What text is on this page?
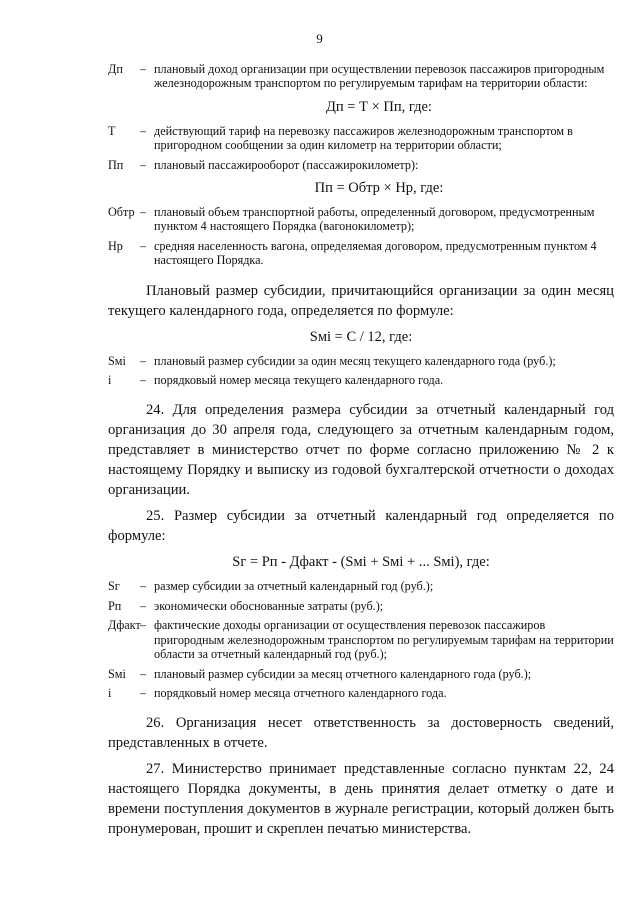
9
Дп	– плановый доход организации при осуществлении перевозок пассажиров пригородным железнодорожным транспортом по регулируемым тарифам на территории области:
Дп = Т × Пп, где:
Т	– действующий тариф на перевозку пассажиров железнодорожным транспортом в пригородном сообщении за один километр на территории области;
Пп	– плановый пассажирооборот (пассажирокилометр):
Пп = Обтр × Нр, где:
Обтр – плановый объем транспортной работы, определенный договором, предусмотренным пунктом 4 настоящего Порядка (вагонокилометр);
Нр	– средняя населенность вагона, определяемая договором, предусмотренным пунктом 4 настоящего Порядка.

Плановый размер субсидии, причитающийся организации за один месяц текущего календарного года, определяется по формуле:

Sмi = С / 12, где:
Sмi	– плановый размер субсидии за один месяц текущего календарного года (руб.);
i	– порядковый номер месяца текущего календарного года.

24. Для определения размера субсидии за отчетный календарный год организация до 30 апреля года, следующего за отчетным календарным годом, представляет в министерство отчет по форме согласно приложению № 2 к настоящему Порядку и выписку из годовой бухгалтерской отчетности о доходах организации.

25. Размер субсидии за отчетный календарный год определяется по формуле:

Sг = Рп - Дфакт - (Sмi + Sмi + ... Sмi), где:
Sг	– размер субсидии за отчетный календарный год (руб.);
Рп	– экономически обоснованные затраты (руб.);
Дфакт – фактические доходы организации от осуществления перевозок пассажиров пригородным железнодорожным транспортом по регулируемым тарифам на территории области за отчетный календарный год (руб.);
Sмi	– плановый размер субсидии за месяц отчетного календарного года (руб.);
i	– порядковый номер месяца отчетного календарного года.

26. Организация несет ответственность за достоверность сведений, представленных в отчете.

27. Министерство принимает представленные согласно пунктам 22, 24 настоящего Порядка документы, в день принятия делает отметку о дате и времени поступления документов в журнале регистрации, который должен быть пронумерован, прошит и скреплен печатью министерства.
